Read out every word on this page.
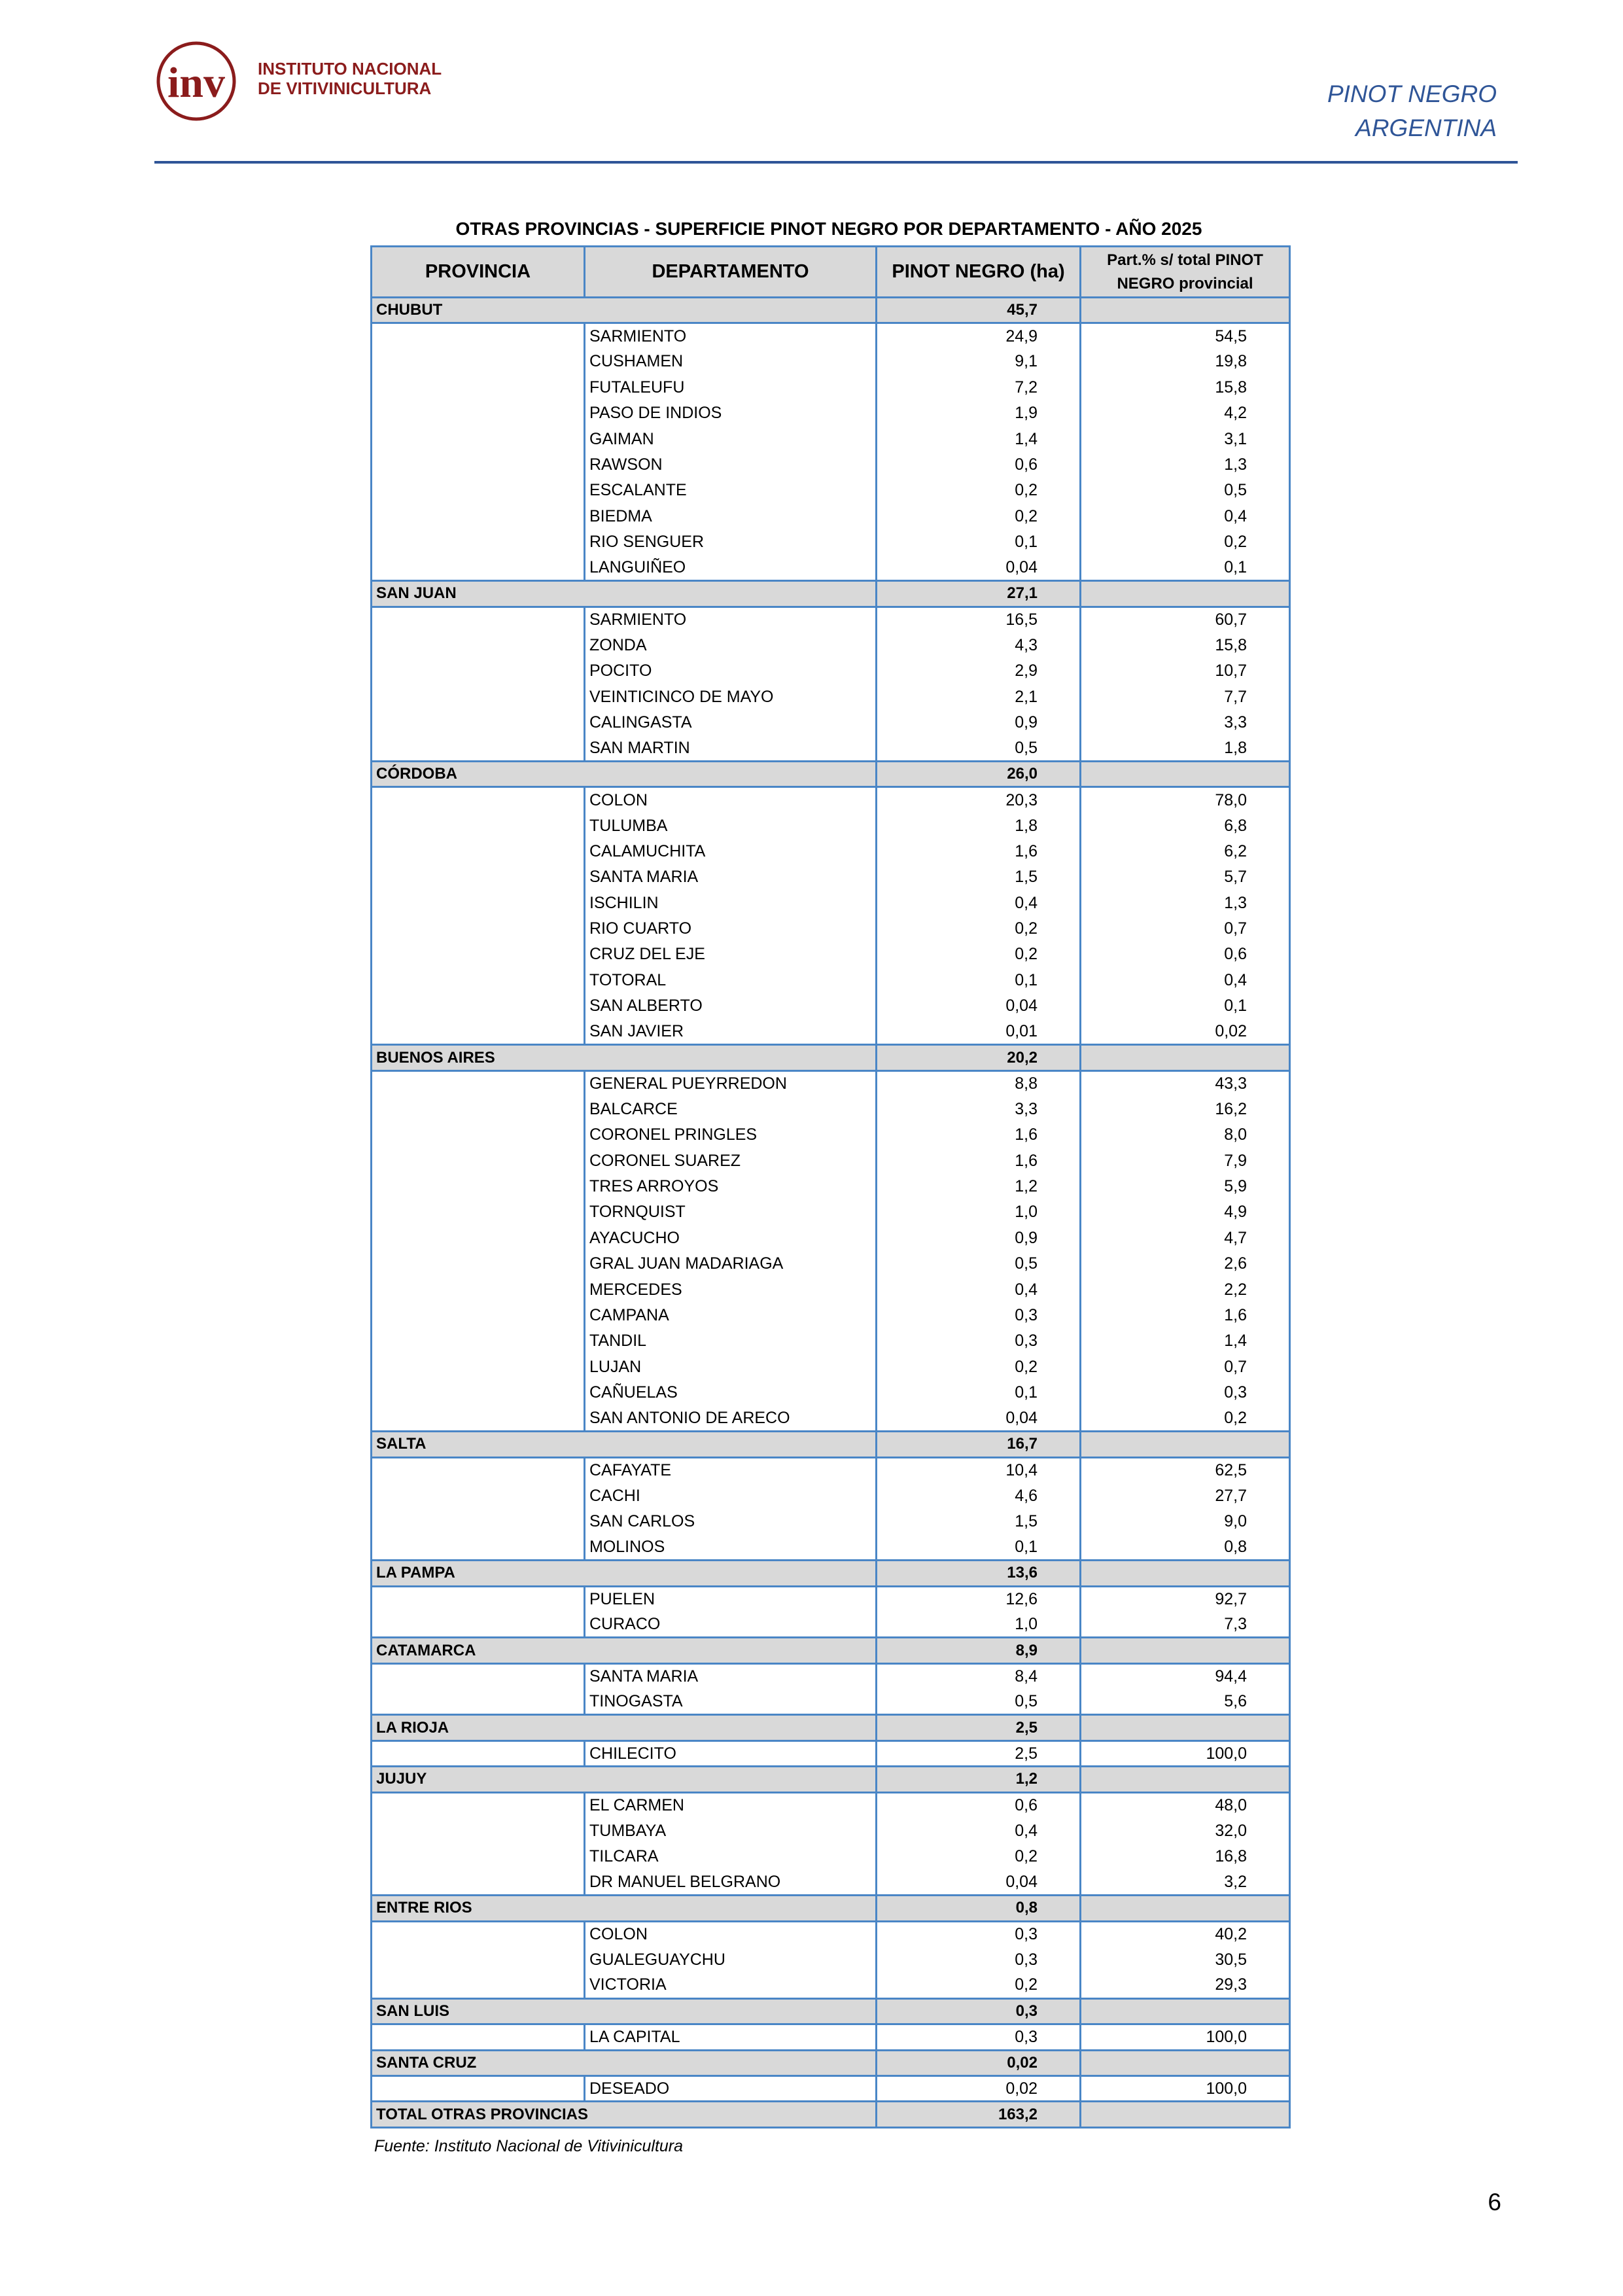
inv INSTITUTO NACIONAL
DE VITIVINICULTURA	PINOT NEGRO
ARGENTINA
OTRAS PROVINCIAS - SUPERFICIE PINOT NEGRO POR DEPARTAMENTO - AÑO 2025
PROVINCIA	DEPARTAMENTO	PINOT NEGRO (ha)	Part.% s/ total PINOT NEGRO provincial
CHUBUT		45,7	
	SARMIENTO	24,9	54,5
	CUSHAMEN	9,1	19,8
	FUTALEUFU	7,2	15,8
	PASO DE INDIOS	1,9	4,2
	GAIMAN	1,4	3,1
	RAWSON	0,6	1,3
	ESCALANTE	0,2	0,5
	BIEDMA	0,2	0,4
	RIO SENGUER	0,1	0,2
	LANGUIÑEO	0,04	0,1
SAN JUAN		27,1	
	SARMIENTO	16,5	60,7
	ZONDA	4,3	15,8
	POCITO	2,9	10,7
	VEINTICINCO DE MAYO	2,1	7,7
	CALINGASTA	0,9	3,3
	SAN MARTIN	0,5	1,8
CÓRDOBA		26,0	
	COLON	20,3	78,0
	TULUMBA	1,8	6,8
	CALAMUCHITA	1,6	6,2
	SANTA MARIA	1,5	5,7
	ISCHILIN	0,4	1,3
	RIO CUARTO	0,2	0,7
	CRUZ DEL EJE	0,2	0,6
	TOTORAL	0,1	0,4
	SAN ALBERTO	0,04	0,1
	SAN JAVIER	0,01	0,02
BUENOS AIRES		20,2	
	GENERAL PUEYRREDON	8,8	43,3
	BALCARCE	3,3	16,2
	CORONEL PRINGLES	1,6	8,0
	CORONEL SUAREZ	1,6	7,9
	TRES ARROYOS	1,2	5,9
	TORNQUIST	1,0	4,9
	AYACUCHO	0,9	4,7
	GRAL JUAN MADARIAGA	0,5	2,6
	MERCEDES	0,4	2,2
	CAMPANA	0,3	1,6
	TANDIL	0,3	1,4
	LUJAN	0,2	0,7
	CAÑUELAS	0,1	0,3
	SAN ANTONIO DE ARECO	0,04	0,2
SALTA		16,7	
	CAFAYATE	10,4	62,5
	CACHI	4,6	27,7
	SAN CARLOS	1,5	9,0
	MOLINOS	0,1	0,8
LA PAMPA		13,6	
	PUELEN	12,6	92,7
	CURACO	1,0	7,3
CATAMARCA		8,9	
	SANTA MARIA	8,4	94,4
	TINOGASTA	0,5	5,6
LA RIOJA		2,5	
	CHILECITO	2,5	100,0
JUJUY		1,2	
	EL CARMEN	0,6	48,0
	TUMBAYA	0,4	32,0
	TILCARA	0,2	16,8
	DR MANUEL BELGRANO	0,04	3,2
ENTRE RIOS		0,8	
	COLON	0,3	40,2
	GUALEGUAYCHU	0,3	30,5
	VICTORIA	0,2	29,3
SAN LUIS		0,3	
	LA CAPITAL	0,3	100,0
SANTA CRUZ		0,02	
	DESEADO	0,02	100,0
TOTAL OTRAS PROVINCIAS		163,2	
Fuente: Instituto Nacional de Vitivinicultura
6
